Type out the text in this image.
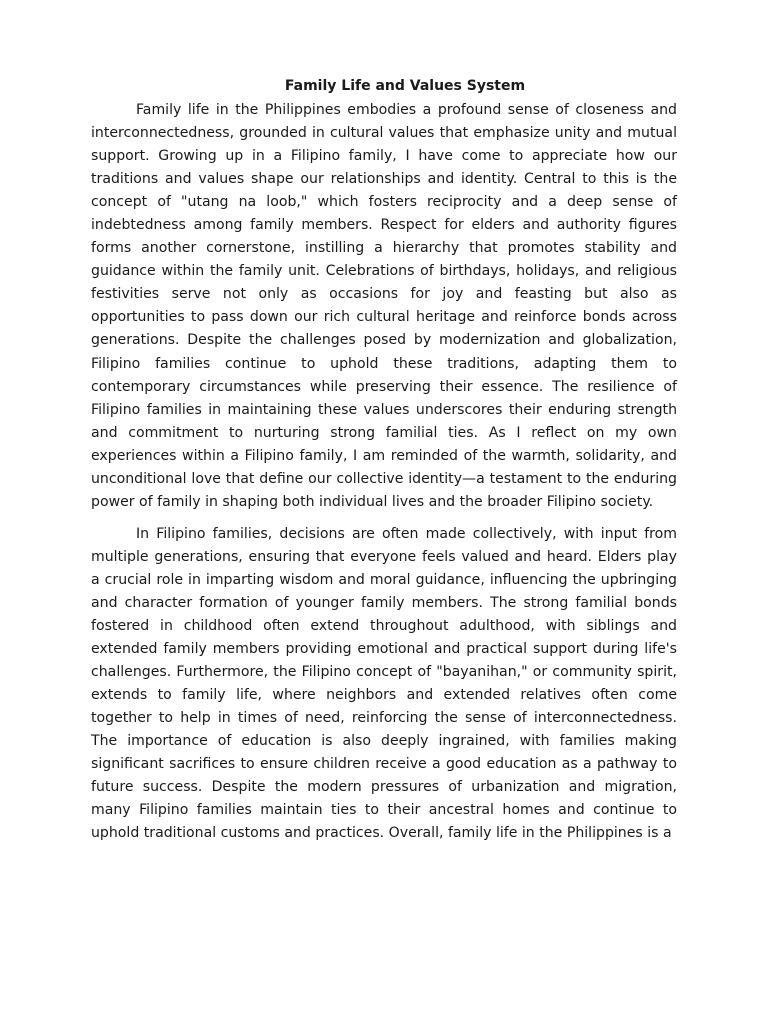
Family Life and Values System

Family life in the Philippines embodies a profound sense of closeness and interconnectedness, grounded in cultural values that emphasize unity and mutual support. Growing up in a Filipino family, I have come to appreciate how our traditions and values shape our relationships and identity. Central to this is the concept of "utang na loob," which fosters reciprocity and a deep sense of indebtedness among family members. Respect for elders and authority figures forms another cornerstone, instilling a hierarchy that promotes stability and guidance within the family unit. Celebrations of birthdays, holidays, and religious festivities serve not only as occasions for joy and feasting but also as opportunities to pass down our rich cultural heritage and reinforce bonds across generations. Despite the challenges posed by modernization and globalization, Filipino families continue to uphold these traditions, adapting them to contemporary circumstances while preserving their essence. The resilience of Filipino families in maintaining these values underscores their enduring strength and commitment to nurturing strong familial ties. As I reflect on my own experiences within a Filipino family, I am reminded of the warmth, solidarity, and unconditional love that define our collective identity—a testament to the enduring power of family in shaping both individual lives and the broader Filipino society.

In Filipino families, decisions are often made collectively, with input from multiple generations, ensuring that everyone feels valued and heard. Elders play a crucial role in imparting wisdom and moral guidance, influencing the upbringing and character formation of younger family members. The strong familial bonds fostered in childhood often extend throughout adulthood, with siblings and extended family members providing emotional and practical support during life's challenges. Furthermore, the Filipino concept of "bayanihan," or community spirit, extends to family life, where neighbors and extended relatives often come together to help in times of need, reinforcing the sense of interconnectedness. The importance of education is also deeply ingrained, with families making significant sacrifices to ensure children receive a good education as a pathway to future success. Despite the modern pressures of urbanization and migration, many Filipino families maintain ties to their ancestral homes and continue to uphold traditional customs and practices. Overall, family life in the Philippines is a
